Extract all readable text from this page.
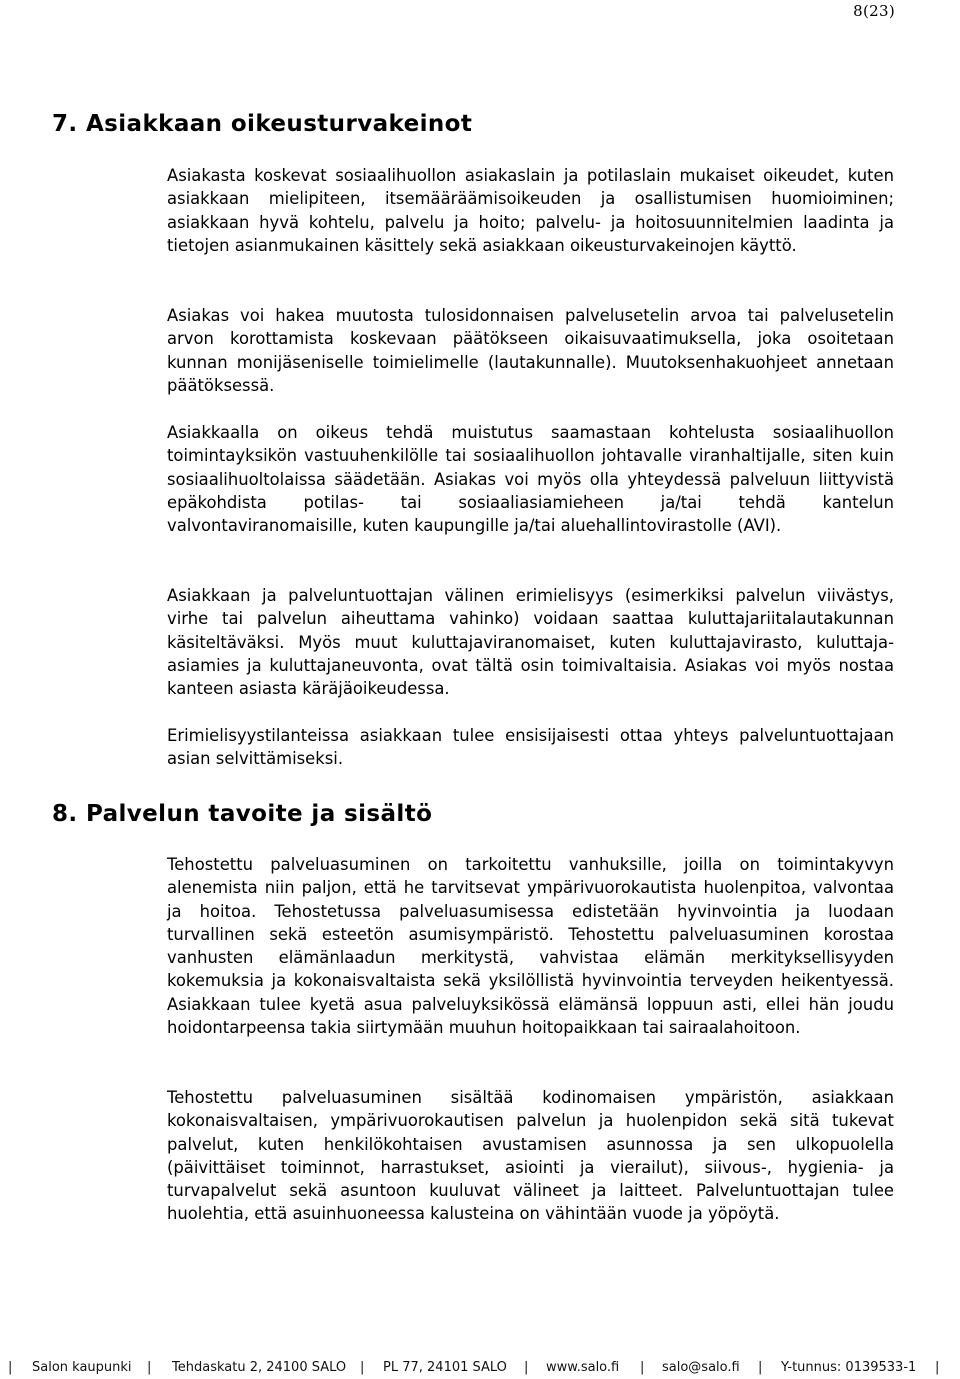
8(23)
7. Asiakkaan oikeusturvakeinot

Asiakasta koskevat sosiaalihuollon asiakaslain ja potilaslain mukaiset oikeudet, kuten asiakkaan mielipiteen, itsemääräämisoikeuden ja osallistumisen huomioiminen; asiakkaan hyvä kohtelu, palvelu ja hoito; palvelu- ja hoitosuunnitelmien laadinta ja tietojen asianmukainen käsittely sekä asiakkaan oikeusturvakeinojen käyttö.

Asiakas voi hakea muutosta tulosidonnaisen palvelusetelin arvoa tai palvelusetelin arvon korottamista koskevaan päätökseen oikaisuvaatimuksella, joka osoitetaan kunnan monijäseniselle toimielimelle (lautakunnalle). Muutoksenhakuohjeet annetaan päätöksessä.

Asiakkaalla on oikeus tehdä muistutus saamastaan kohtelusta sosiaalihuollon toimintayksikön vastuuhenkilölle tai sosiaalihuollon johtavalle viranhaltijalle, siten kuin sosiaalihuoltolaissa säädetään. Asiakas voi myös olla yhteydessä palveluun liittyvistä epäkohdista potilas- tai sosiaaliasiamieheen ja/tai tehdä kantelun valvontaviranomaisille, kuten kaupungille ja/tai aluehallintovirastolle (AVI).

Asiakkaan ja palveluntuottajan välinen erimielisyys (esimerkiksi palvelun viivästys, virhe tai palvelun aiheuttama vahinko) voidaan saattaa kuluttajariitalautakunnan käsiteltäväksi. Myös muut kuluttajaviranomaiset, kuten kuluttajavirasto, kuluttaja-asiamies ja kuluttajaneuvonta, ovat tältä osin toimivaltaisia. Asiakas voi myös nostaa kanteen asiasta käräjäoikeudessa.

Erimielisyystilanteissa asiakkaan tulee ensisijaisesti ottaa yhteys palveluntuottajaan asian selvittämiseksi.

8. Palvelun tavoite ja sisältö

Tehostettu palveluasuminen on tarkoitettu vanhuksille, joilla on toimintakyvyn alenemista niin paljon, että he tarvitsevat ympärivuorokautista huolenpitoa, valvontaa ja hoitoa. Tehostetussa palveluasumisessa edistetään hyvinvointia ja luodaan turvallinen sekä esteetön asumisympäristö. Tehostettu palveluasuminen korostaa vanhusten elämänlaadun merkitystä, vahvistaa elämän merkityksellisyyden kokemuksia ja kokonaisvaltaista sekä yksilöllistä hyvinvointia terveyden heikentyessä. Asiakkaan tulee kyetä asua palveluyksikössä elämänsä loppuun asti, ellei hän joudu hoidontarpeensa takia siirtymään muuhun hoitopaikkaan tai sairaalahoitoon.

Tehostettu palveluasuminen sisältää kodinomaisen ympäristön, asiakkaan kokonaisvaltaisen, ympärivuorokautisen palvelun ja huolenpidon sekä sitä tukevat palvelut, kuten henkilökohtaisen avustamisen asunnossa ja sen ulkopuolella (päivittäiset toiminnot, harrastukset, asiointi ja vierailut), siivous-, hygienia- ja turvapalvelut sekä asuntoon kuuluvat välineet ja laitteet. Palveluntuottajan tulee huolehtia, että asuinhuoneessa kalusteina on vähintään vuode ja yöpöytä.

| Salon kaupunki | Tehdaskatu 2, 24100 SALO | PL 77, 24101 SALO | www.salo.fi | salo@salo.fi | Y-tunnus: 0139533-1 |
